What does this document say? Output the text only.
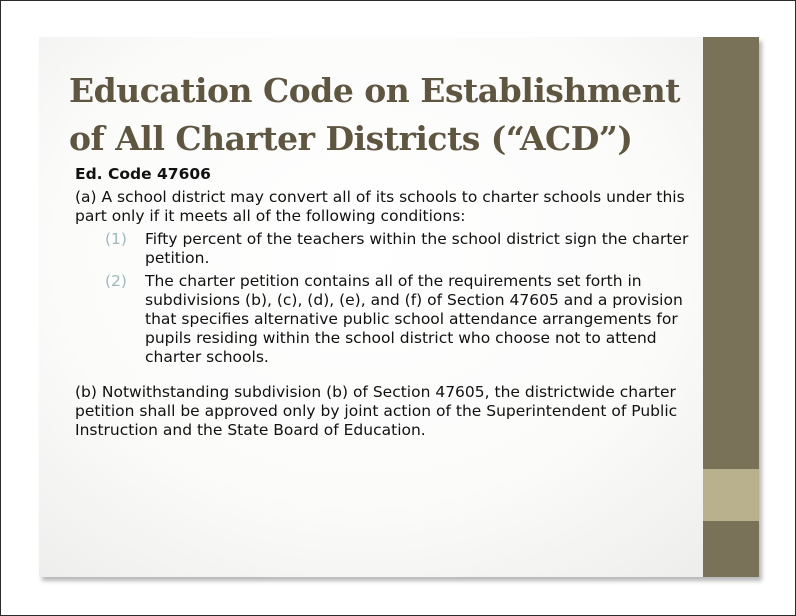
Education Code on Establishment
of All Charter Districts (“ACD”)

Ed. Code 47606

(a) A school district may convert all of its schools to charter schools under this part only if it meets all of the following conditions:

(1) Fifty percent of the teachers within the school district sign the charter petition.
(2) The charter petition contains all of the requirements set forth in subdivisions (b), (c), (d), (e), and (f) of Section 47605 and a provision that specifies alternative public school attendance arrangements for pupils residing within the school district who choose not to attend charter schools.

(b) Notwithstanding subdivision (b) of Section 47605, the districtwide charter petition shall be approved only by joint action of the Superintendent of Public Instruction and the State Board of Education.
